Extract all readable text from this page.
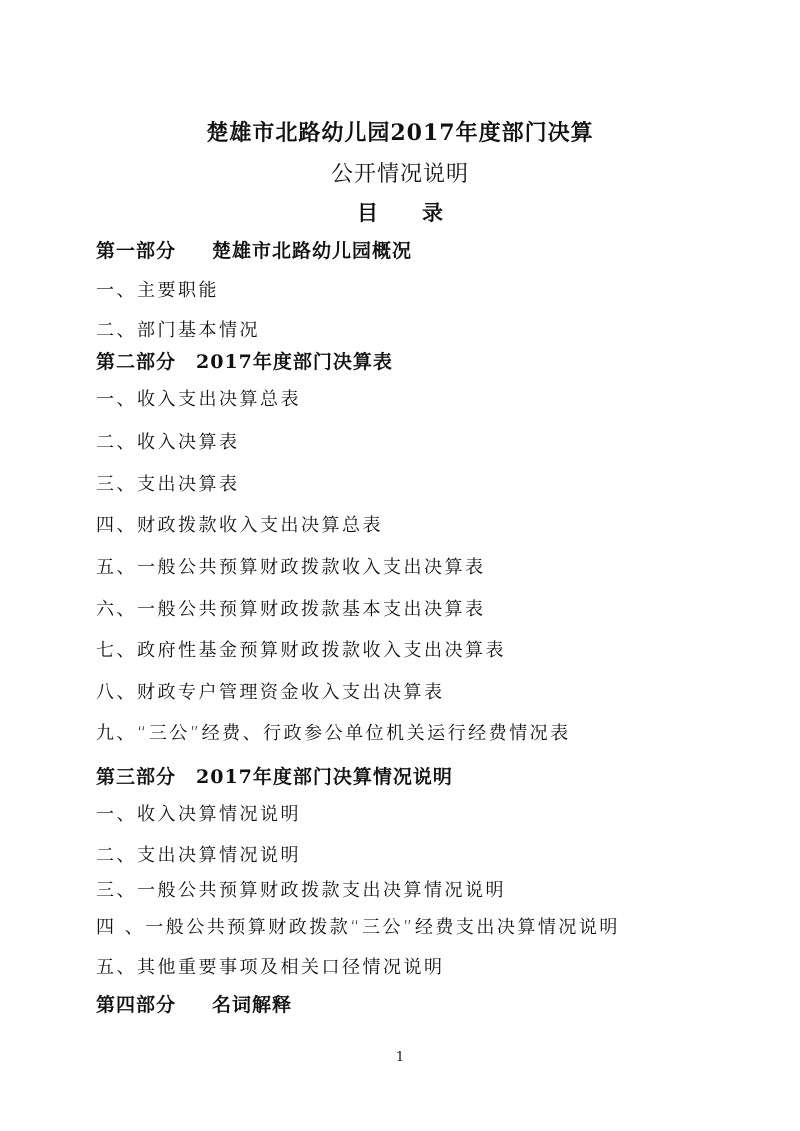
楚雄市北路幼儿园2017年度部门决算
公开情况说明
目 录
第一部分 楚雄市北路幼儿园概况
一、主要职能
二、部门基本情况
第二部分 2017年度部门决算表
一、收入支出决算总表
二、收入决算表
三、支出决算表
四、财政拨款收入支出决算总表
五、一般公共预算财政拨款收入支出决算表
六、一般公共预算财政拨款基本支出决算表
七、政府性基金预算财政拨款收入支出决算表
八、财政专户管理资金收入支出决算表
九、“三公”经费、行政参公单位机关运行经费情况表
第三部分 2017年度部门决算情况说明
一、收入决算情况说明
二、支出决算情况说明
三、一般公共预算财政拨款支出决算情况说明
四 、一般公共预算财政拨款“三公”经费支出决算情况说明
五、其他重要事项及相关口径情况说明
第四部分 名词解释
1
